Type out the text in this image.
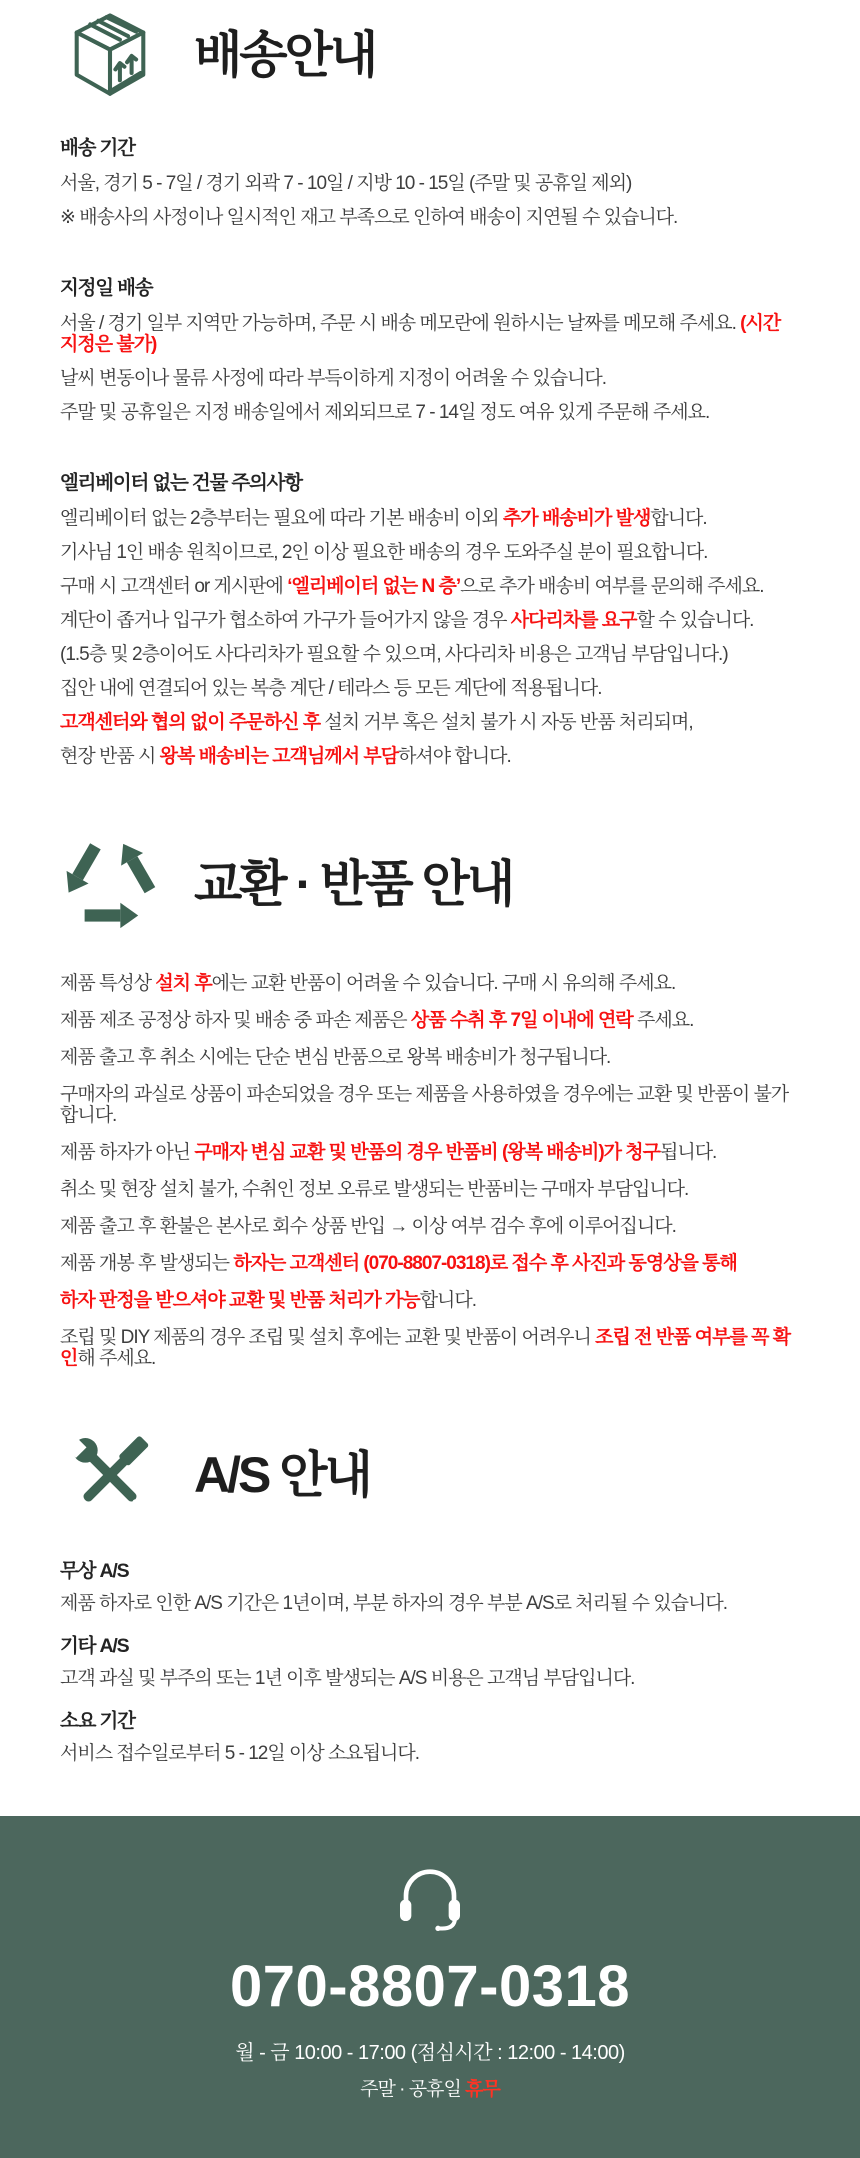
배송안내

배송 기간

서울, 경기 5 - 7일 / 경기 외곽 7 - 10일 / 지방 10 - 15일 (주말 및 공휴일 제외)

※ 배송사의 사정이나 일시적인 재고 부족으로 인하여 배송이 지연될 수 있습니다.

지정일 배송

서울 / 경기 일부 지역만 가능하며, 주문 시 배송 메모란에 원하시는 날짜를 메모해 주세요. (시간 지정은 불가)

날씨 변동이나 물류 사정에 따라 부득이하게 지정이 어려울 수 있습니다.

주말 및 공휴일은 지정 배송일에서 제외되므로 7 - 14일 정도 여유 있게 주문해 주세요.

엘리베이터 없는 건물 주의사항

엘리베이터 없는 2층부터는 필요에 따라 기본 배송비 이외 추가 배송비가 발생합니다.

기사님 1인 배송 원칙이므로, 2인 이상 필요한 배송의 경우 도와주실 분이 필요합니다.

구매 시 고객센터 or 게시판에 ‘엘리베이터 없는 N 층’으로 추가 배송비 여부를 문의해 주세요.

계단이 좁거나 입구가 협소하여 가구가 들어가지 않을 경우 사다리차를 요구할 수 있습니다.

(1.5층 및 2층이어도 사다리차가 필요할 수 있으며, 사다리차 비용은 고객님 부담입니다.)

집안 내에 연결되어 있는 복층 계단 / 테라스 등 모든 계단에 적용됩니다.

고객센터와 협의 없이 주문하신 후 설치 거부 혹은 설치 불가 시 자동 반품 처리되며,

현장 반품 시 왕복 배송비는 고객님께서 부담하셔야 합니다.

교환 · 반품 안내

제품 특성상 설치 후에는 교환 반품이 어려울 수 있습니다. 구매 시 유의해 주세요.

제품 제조 공정상 하자 및 배송 중 파손 제품은 상품 수취 후 7일 이내에 연락 주세요.

제품 출고 후 취소 시에는 단순 변심 반품으로 왕복 배송비가 청구됩니다.

구매자의 과실로 상품이 파손되었을 경우 또는 제품을 사용하였을 경우에는 교환 및 반품이 불가합니다.

제품 하자가 아닌 구매자 변심 교환 및 반품의 경우 반품비 (왕복 배송비)가 청구됩니다.

취소 및 현장 설치 불가, 수취인 정보 오류로 발생되는 반품비는 구매자 부담입니다.

제품 출고 후 환불은 본사로 회수 상품 반입 → 이상 여부 검수 후에 이루어집니다.

제품 개봉 후 발생되는 하자는 고객센터 (070-8807-0318)로 접수 후 사진과 동영상을 통해

하자 판정을 받으셔야 교환 및 반품 처리가 가능합니다.

조립 및 DIY 제품의 경우 조립 및 설치 후에는 교환 및 반품이 어려우니 조립 전 반품 여부를 꼭 확인해 주세요.

A/S 안내

무상 A/S

제품 하자로 인한 A/S 기간은 1년이며, 부분 하자의 경우 부분 A/S로 처리될 수 있습니다.

기타 A/S

고객 과실 및 부주의 또는 1년 이후 발생되는 A/S 비용은 고객님 부담입니다.

소요 기간

서비스 접수일로부터 5 - 12일 이상 소요됩니다.

070-8807-0318

월 - 금 10:00 - 17:00 (점심시간 : 12:00 - 14:00)

주말 · 공휴일 휴무
